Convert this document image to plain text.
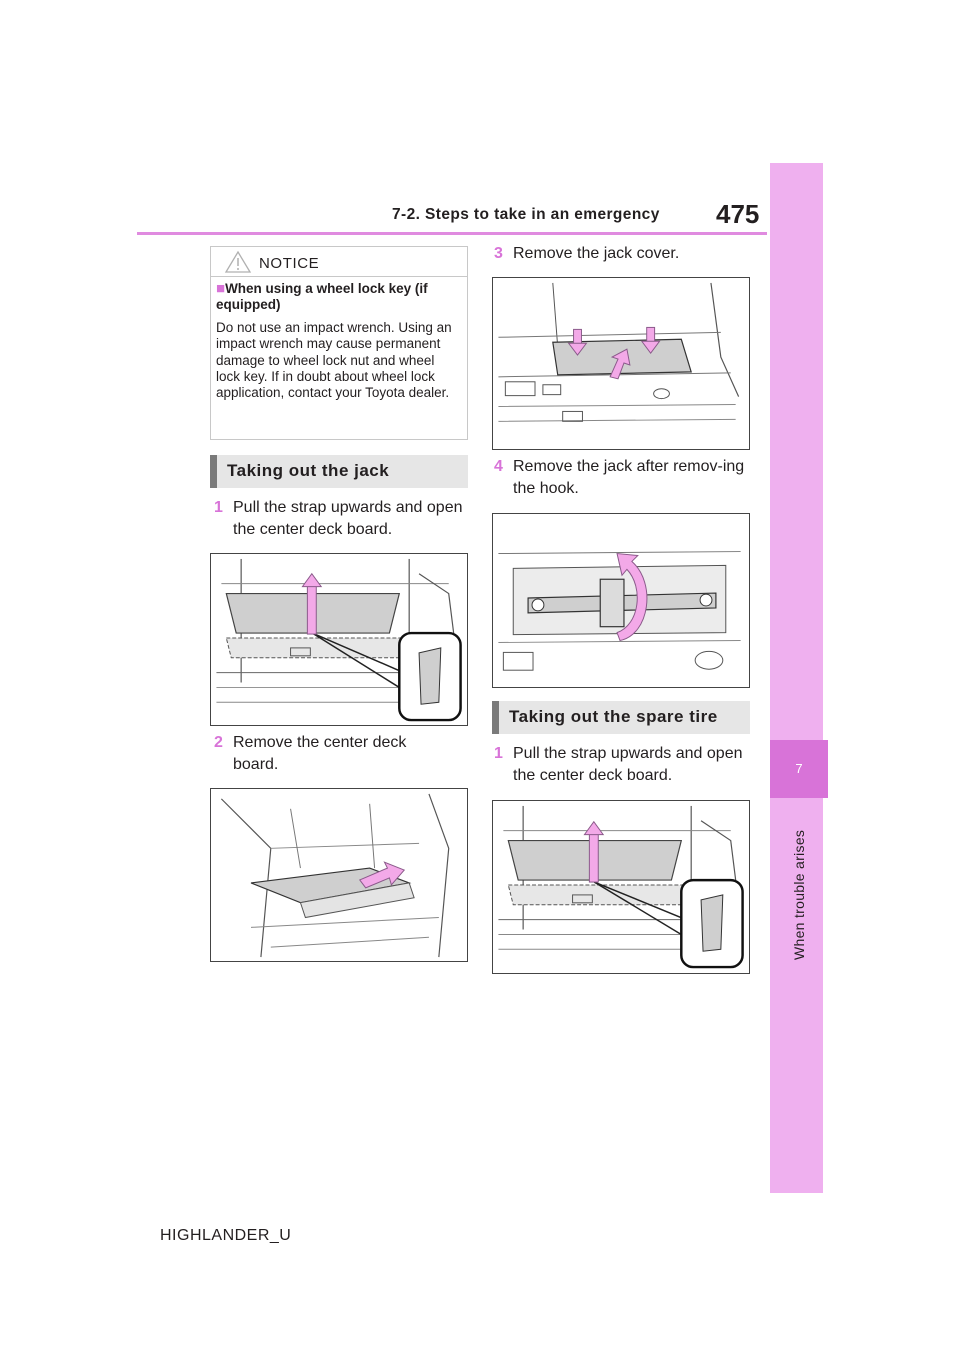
7-2. Steps to take in an emergency 475
7
When trouble arises
NOTICE
■When using a wheel lock key (if equipped)
Do not use an impact wrench. Using an impact wrench may cause permanent damage to wheel lock nut and wheel lock key. If in doubt about wheel lock application, contact your Toyota dealer.
Taking out the jack
1 Pull the strap upwards and open the center deck board.
2 Remove the center deck board.
3 Remove the jack cover.
4 Remove the jack after remov-ing the hook.
Taking out the spare tire
1 Pull the strap upwards and open the center deck board.
HIGHLANDER_U
